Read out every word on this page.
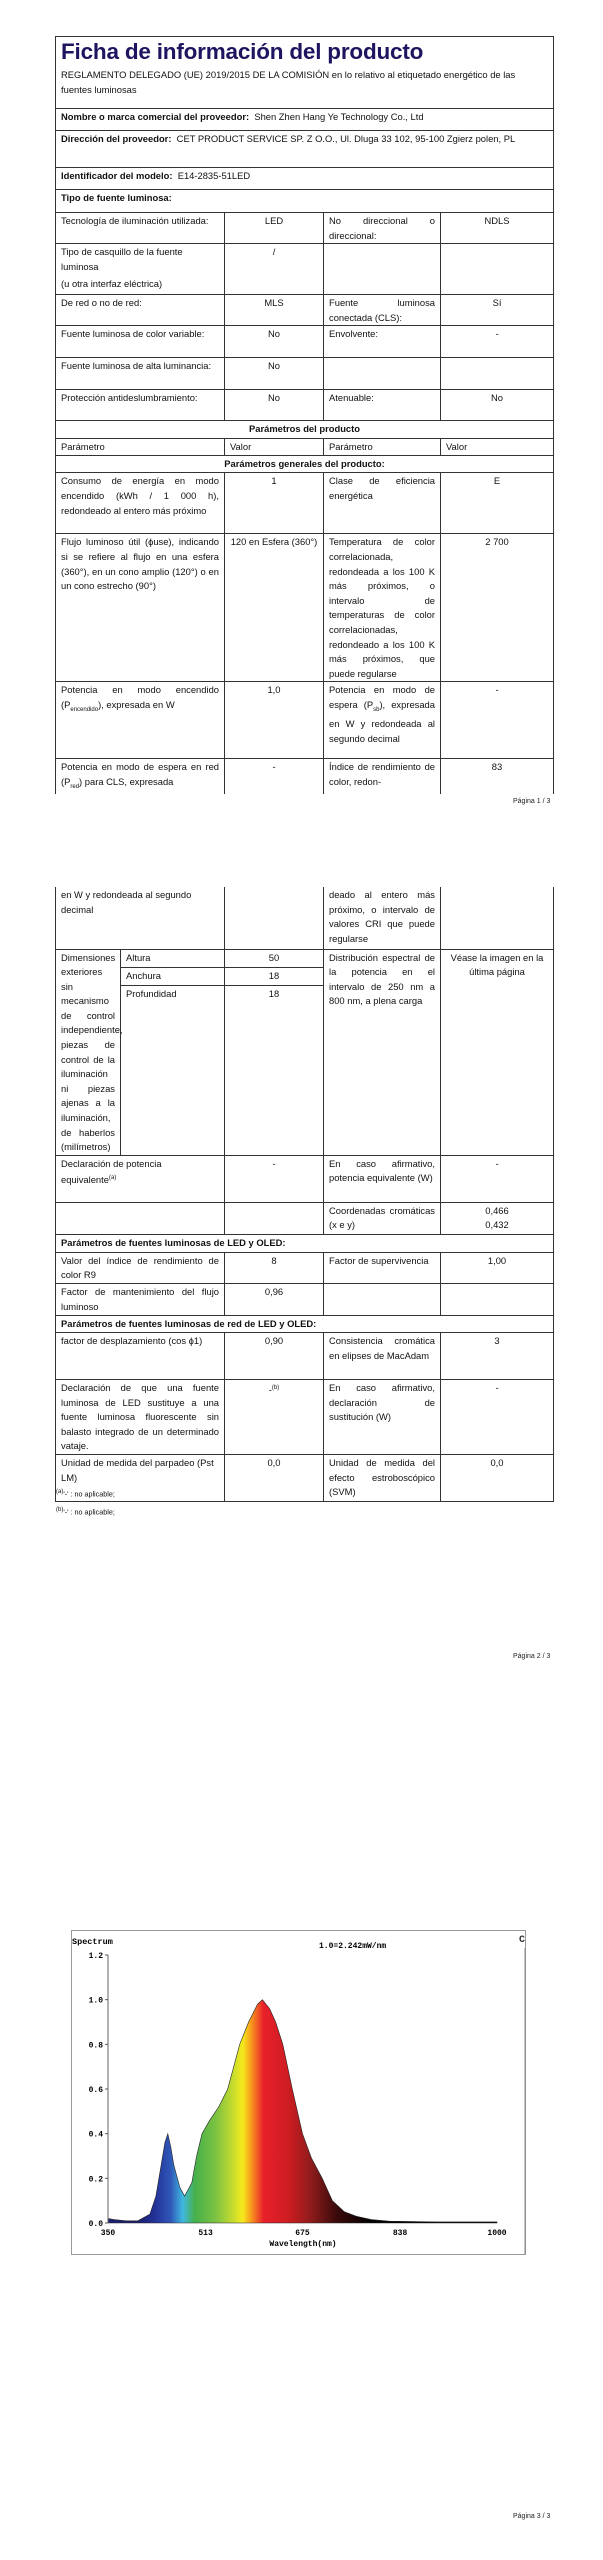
Ficha de información del producto
REGLAMENTO DELEGADO (UE) 2019/2015 DE LA COMISIÓN en lo relativo al etiquetado energético de las fuentes luminosas			

Nombre o marca comercial del proveedor: Shen Zhen Hang Ye Technology Co., Ltd			
Dirección del proveedor: CET PRODUCT SERVICE SP. Z O.O., Ul. Dluga 33 102, 95-100 Zgierz polen, PL			
Identificador del modelo: E14-2835-51LED			
Tipo de fuente luminosa:			
Tecnología de iluminación utilizada:	LED	No direccional o direccional:	NDLS

Tipo de casquillo de la fuente luminosa
(u otra interfaz eléctrica)	/		
De red o no de red:	MLS	Fuente luminosa conectada (CLS):	Sí
Fuente luminosa de color variable:	No	Envolvente:	-
Fuente luminosa de alta luminancia:	No		
Protección antideslumbramiento:	No	Atenuable:	No
Parámetros del producto			
Parámetro	Valor	Parámetro	Valor
Parámetros generales del producto:			
Consumo de energía en modo encendido (kWh / 1 000 h), redondeado al entero más próximo	1	Clase de eficiencia energética	E
Flujo luminoso útil (ϕuse), indicando si se refiere al flujo en una esfera (360°), en un cono amplio (120°) o en un cono estrecho (90°)	120 en Esfera (360°)	Temperatura de color correlacionada, redondeada a los 100 K más próximos, o intervalo de temperaturas de color correlacionadas, redondeado a los 100 K más próximos, que puede regularse	2 700
Potencia en modo encendido $(P_{encendido})$, expresada en W	1,0	Potencia en modo de espera $(P_{sb})$, expresada en W y redondeada al segundo decimal	-
Potencia en modo de espera en red $(P_{red})$ para CLS, expresada	-	Índice de rendimiento de color, redon-	83
Página 1 / 3
en W y redondeada al segundo decimal			deado al entero más próximo, o intervalo de valores CRI que puede regularse	
Dimensiones exteriores sin mecanismo de control independiente, piezas de control de la iluminación ni piezas ajenas a la iluminación, de haberlos (milímetros)	Altura	50	Distribución espectral de la potencia en el intervalo de 250 nm a 800 nm, a plena carga	Véase la imagen en la última página
	Anchura	18		
	Profundidad	18		
Declaración de potencia equivalente$^{(a)}$		-	En caso afirmativo, potencia equivalente (W)	-
			Coordenadas cromáticas (x e y)	0,466
0,432

Parámetros de fuentes luminosas de LED y OLED:				
Valor del índice de rendimiento de color R9		8	Factor de supervivencia	1,00
Factor de mantenimiento del flujo luminoso		0,96		
Parámetros de fuentes luminosas de red de LED y OLED:				
factor de desplazamiento (cos ϕ1)		0,90	Consistencia cromática en elipses de MacAdam	3
Declaración de que una fuente luminosa de LED sustituye a una fuente luminosa fluorescente sin balasto integrado de un determinado vataje.		-$^{(b)}$	En caso afirmativo, declaración de sustitución (W)	-
Unidad de medida del parpadeo (Pst LM)		0,0	Unidad de medida del efecto estroboscópico (SVM)	0,0
$^{(a)}$'-' : no aplicable;
$^{(b)}$'-' : no aplicable;
Página 2 / 3
Spectrum	1.0=2.242mW/nm
C
0.0
0.2
0.4
0.6
0.8
1.0
1.2
350	513	675	838	1000
Wavelength(nm)
Página 3 / 3
